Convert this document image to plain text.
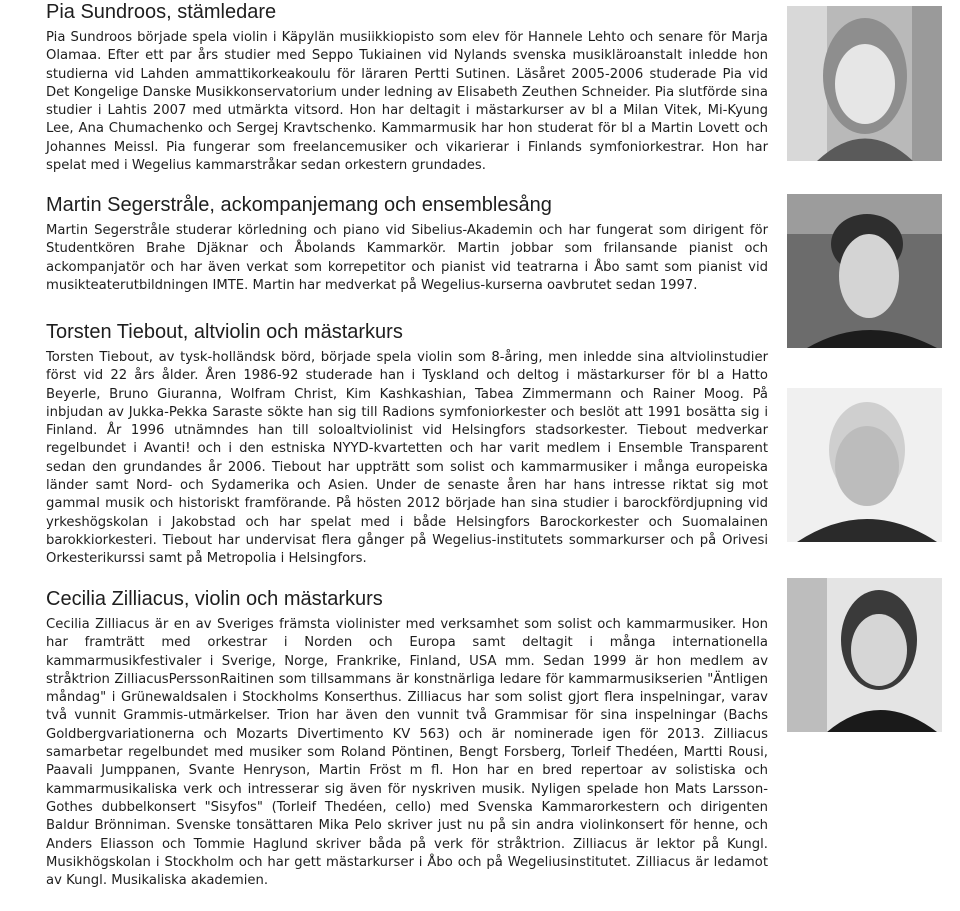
Pia Sundroos, stämledare

Pia Sundroos började spela violin i Käpylän musiikkiopisto som elev för Hannele Lehto och senare för Marja Olamaa. Efter ett par års studier med Seppo Tukiainen vid Nylands svenska musikläroanstalt inledde hon studierna vid Lahden ammattikorkeakoulu för läraren Pertti Sutinen. Läsåret 2005-2006 studerade Pia vid Det Kongelige Danske Musikkonservatorium under ledning av Elisabeth Zeuthen Schneider. Pia slutförde sina studier i Lahtis 2007 med utmärkta vitsord. Hon har deltagit i mästarkurser av bl a Milan Vitek, Mi-Kyung Lee, Ana Chumachenko och Sergej Kravtschenko. Kammarmusik har hon studerat för bl a Martin Lovett och Johannes Meissl. Pia fungerar som freelancemusiker och vikarierar i Finlands symfoniorkestrar. Hon har spelat med i Wegelius kammarstråkar sedan orkestern grundades.

Martin Segerstråle, ackompanjemang och ensemblesång

Martin Segerstråle studerar körledning och piano vid Sibelius-Akademin och har fungerat som dirigent för Studentkören Brahe Djäknar och Åbolands Kammarkör. Martin jobbar som frilansande pianist och ackompanjatör och har även verkat som korrepetitor och pianist vid teatrarna i Åbo samt som pianist vid musikteaterutbildningen IMTE. Martin har medverkat på Wegelius-kurserna oavbrutet sedan 1997.

Torsten Tiebout, altviolin och mästarkurs

Torsten Tiebout, av tysk-holländsk börd, började spela violin som 8-åring, men inledde sina altviolinstudier först vid 22 års ålder. Åren 1986-92 studerade han i Tyskland och deltog i mästarkurser för bl a Hatto Beyerle, Bruno Giuranna, Wolfram Christ, Kim Kashkashian, Tabea Zimmermann och Rainer Moog. På inbjudan av Jukka-Pekka Saraste sökte han sig till Radions symfoniorkester och beslöt att 1991 bosätta sig i Finland. År 1996 utnämndes han till soloaltviolinist vid Helsingfors stadsorkester. Tiebout medverkar regelbundet i Avanti! och i den estniska NYYD-kvartetten och har varit medlem i Ensemble Transparent sedan den grundandes år 2006. Tiebout har uppträtt som solist och kammarmusiker i många europeiska länder samt Nord- och Sydamerika och Asien. Under de senaste åren har hans intresse riktat sig mot gammal musik och historiskt framförande. På hösten 2012 började han sina studier i barockfördjupning vid yrkeshögskolan i Jakobstad och har spelat med i både Helsingfors Barockorkester och Suomalainen barokkiorkesteri. Tiebout har undervisat flera gånger på Wegelius-institutets sommarkurser och på Orivesi Orkesterikurssi samt på Metropolia i Helsingfors.

Cecilia Zilliacus, violin och mästarkurs

Cecilia Zilliacus är en av Sveriges främsta violinister med verksamhet som solist och kammarmusiker. Hon har framträtt med orkestrar i Norden och Europa samt deltagit i många internationella kammarmusikfestivaler i Sverige, Norge, Frankrike, Finland, USA mm. Sedan 1999 är hon medlem av stråktrion ZilliacusPerssonRaitinen som tillsammans är konstnärliga ledare för kammarmusikserien "Äntligen måndag" i Grünewaldsalen i Stockholms Konserthus. Zilliacus har som solist gjort flera inspelningar, varav två vunnit Grammis-utmärkelser. Trion har även den vunnit två Grammisar för sina inspelningar (Bachs Goldbergvariationerna och Mozarts Divertimento KV 563) och är nominerade igen för 2013. Zilliacus samarbetar regelbundet med musiker som Roland Pöntinen, Bengt Forsberg, Torleif Thedéen, Martti Rousi, Paavali Jumppanen, Svante Henryson, Martin Fröst m fl. Hon har en bred repertoar av solistiska och kammarmusikaliska verk och intresserar sig även för nyskriven musik. Nyligen spelade hon Mats Larsson-Gothes dubbelkonsert "Sisyfos" (Torleif Thedéen, cello) med Svenska Kammarorkestern och dirigenten Baldur Brönniman. Svenske tonsättaren Mika Pelo skriver just nu på sin andra violinkonsert för henne, och Anders Eliasson och Tommie Haglund skriver båda på verk för stråktrion. Zilliacus är lektor på Kungl. Musikhögskolan i Stockholm och har gett mästarkurser i Åbo och på Wegeliusinstitutet. Zilliacus är ledamot av Kungl. Musikaliska akademien.
